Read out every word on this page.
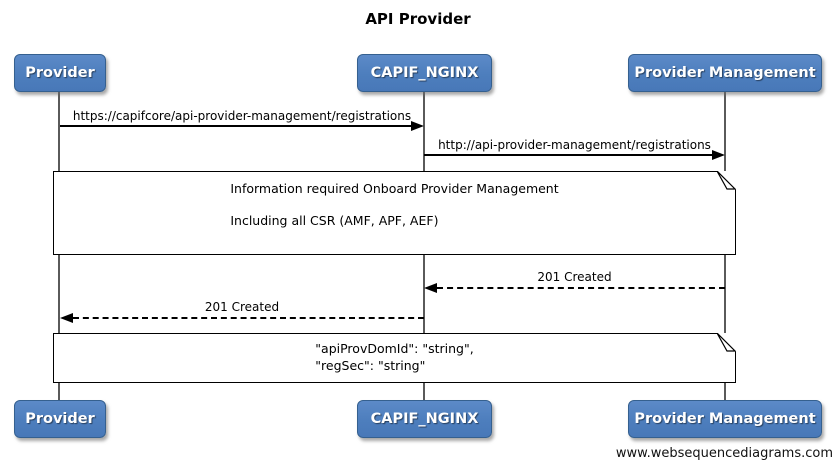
API Provider
Provider	CAPIF_NGINX	Provider Management
https://capifcore/api-provider-management/registrations
http://api-provider-management/registrations
Information required Onboard Provider Management
Including all CSR (AMF, APF, AEF)
201 Created
201 Created
"apiProvDomId": "string",
"regSec": "string"
Provider	CAPIF_NGINX	Provider Management
www.websequencediagrams.com
